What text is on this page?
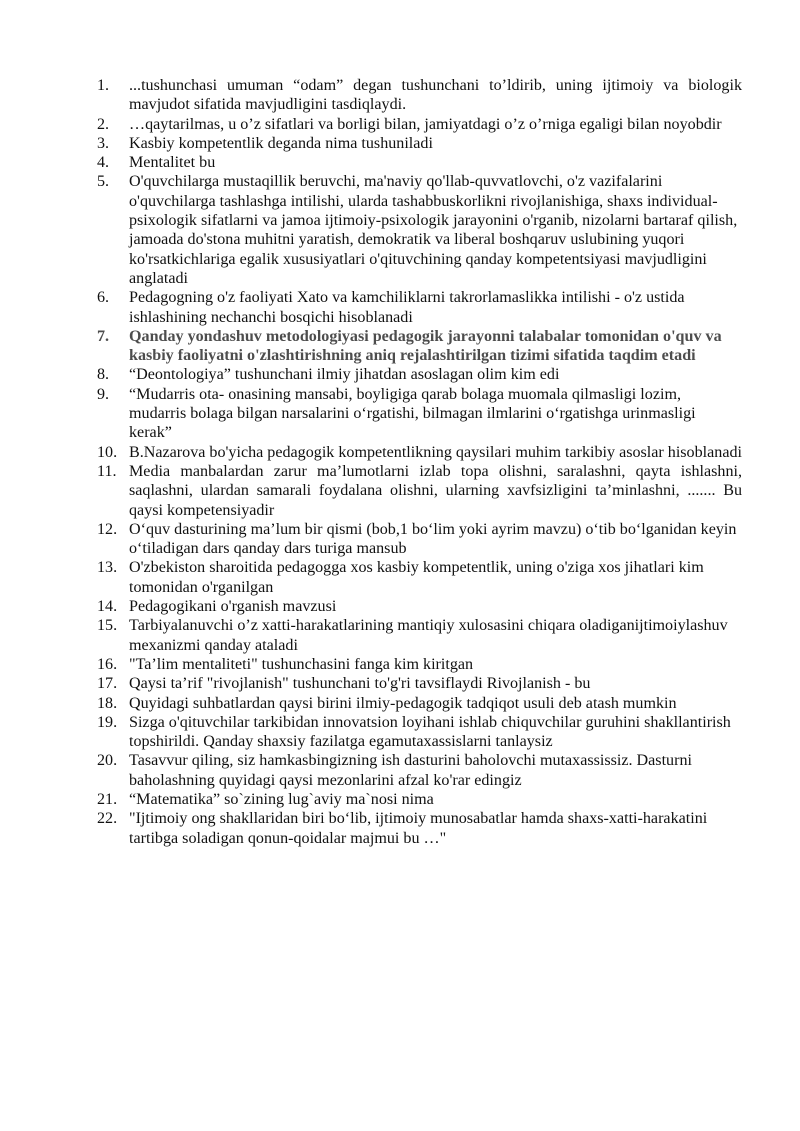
1.	...tushunchasi umuman “odam” degan tushunchani to’ldirib, uning ijtimoiy va biologik mavjudot sifatida mavjudligini tasdiqlaydi.
2.	…qaytarilmas, u o’z sifatlari va borligi bilan, jamiyatdagi o’z o’rniga egaligi bilan noyobdir
3.	Kasbiy kompetentlik deganda nima tushuniladi
4.	Mentalitet bu
5.	O'quvchilarga mustaqillik beruvchi, ma'naviy qo'llab-quvvatlovchi, o'z vazifalarini o'quvchilarga tashlashga intilishi, ularda tashabbuskorlikni rivojlanishiga, shaxs individual-psixologik sifatlarni va jamoa ijtimoiy-psixologik jarayonini o'rganib, nizolarni bartaraf qilish, jamoada do'stona muhitni yaratish, demokratik va liberal boshqaruv uslubining yuqori ko'rsatkichlariga egalik xususiyatlari o'qituvchining qanday kompetentsiyasi mavjudligini anglatadi
6.	Pedagogning o'z faoliyati Xato va kamchiliklarni takrorlamaslikka intilishi - o'z ustida ishlashining nechanchi bosqichi hisoblanadi
7.	Qanday yondashuv metodologiyasi pedagogik jarayonni talabalar tomonidan o'quv va kasbiy faoliyatni o'zlashtirishning aniq rejalashtirilgan tizimi sifatida taqdim etadi
8.	“Deontologiya” tushunchani ilmiy jihatdan asoslagan olim kim edi
9.	“Mudarris ota- onasining mansabi, boyligiga qarab bolaga muomala qilmasligi lozim, mudarris bolaga bilgan narsalarini o‘rgatishi, bilmagan ilmlarini o‘rgatishga urinmasligi kerak”
10. B.Nazarova bo'yicha pedagogik kompetentlikning qaysilari muhim tarkibiy asoslar hisoblanadi
11. Media manbalardan zarur ma’lumotlarni izlab topa olishni, saralashni, qayta ishlashni, saqlashni, ulardan samarali foydalana olishni, ularning xavfsizligini ta’minlashni, ....... Bu qaysi kompetensiyadir
12. O‘quv dasturining ma’lum bir qismi (bob,1 bo‘lim yoki ayrim mavzu) o‘tib bo‘lganidan keyin o‘tiladigan dars qanday dars turiga mansub
13. O'zbekiston sharoitida pedagogga xos kasbiy kompetentlik, uning o'ziga xos jihatlari kim tomonidan o'rganilgan
14. Pedagogikani o'rganish mavzusi
15. Tarbiyalanuvchi o’z xatti-harakatlarining mantiqiy xulosasini chiqara oladiganijtimoiylashuv mexanizmi qanday ataladi
16. "Ta’lim mentaliteti" tushunchasini fanga kim kiritgan
17. Qaysi ta’rif "rivojlanish" tushunchani to'g'ri tavsiflaydi Rivojlanish - bu
18. Quyidagi suhbatlardan qaysi birini ilmiy-pedagogik tadqiqot usuli deb atash mumkin
19. Sizga o'qituvchilar tarkibidan innovatsion loyihani ishlab chiquvchilar guruhini shakllantirish topshirildi. Qanday shaxsiy fazilatga egamutaxassislarni tanlaysiz
20. Tasavvur qiling, siz hamkasbingizning ish dasturini baholovchi mutaxassissiz. Dasturni baholashning quyidagi qaysi mezonlarini afzal ko'rar edingiz
21. “Matematika” so`zining lug`aviy ma`nosi nima
22. "Ijtimoiy ong shakllaridan biri bo‘lib, ijtimoiy munosabatlar hamda shaxs-xatti-harakatini tartibga soladigan qonun-qoidalar majmui bu …"
